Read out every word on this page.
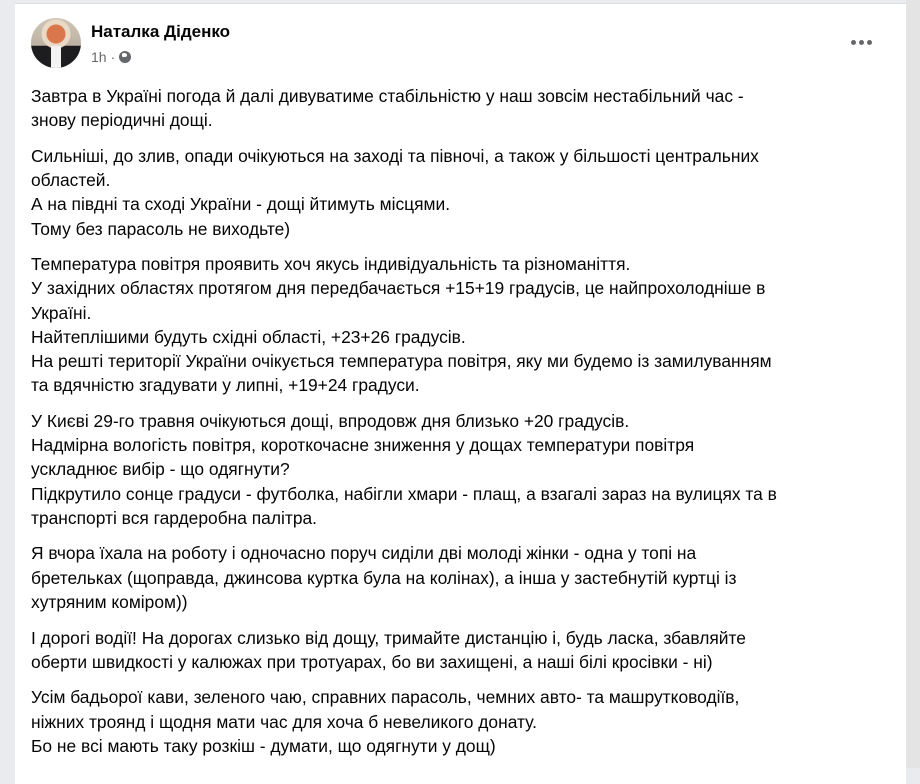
Наталка Діденко
1h ·
Завтра в Україні погода й далі дивуватиме стабільністю у наш зовсім нестабільний час -
знову періодичні дощі.
Сильніші, до злив, опади очікуються на заході та півночі, а також у більшості центральних
областей.
А на півдні та сході України - дощі йтимуть місцями.
Тому без парасоль не виходьте)
Температура повітря проявить хоч якусь індивідуальність та різноманіття.
У західних областях протягом дня передбачається +15+19 градусів, це найпрохолодніше в
Україні.
Найтеплішими будуть східні області, +23+26 градусів.
На решті території України очікується температура повітря, яку ми будемо із замилуванням
та вдячністю згадувати у липні, +19+24 градуси.
У Києві 29-го травня очікуються дощі, впродовж дня близько +20 градусів.
Надмірна вологість повітря, короткочасне зниження у дощах температури повітря
ускладнює вибір - що одягнути?
Підкрутило сонце градуси - футболка, набігли хмари - плащ, а взагалі зараз на вулицях та в
транспорті вся гардеробна палітра.
Я вчора їхала на роботу і одночасно поруч сиділи дві молоді жінки - одна у топі на
бретельках (щоправда, джинсова куртка була на колінах), а інша у застебнутій куртці із
хутряним коміром))
І дорогі водії! На дорогах слизько від дощу, тримайте дистанцію і, будь ласка, збавляйте
оберти швидкості у калюжах при тротуарах, бо ви захищені, а наші білі кросівки - ні)
Усім бадьорої кави, зеленого чаю, справних парасоль, чемних авто- та машрутководіїв,
ніжних троянд і щодня мати час для хоча б невеликого донату.
Бо не всі мають таку розкіш - думати, що одягнути у дощ)
